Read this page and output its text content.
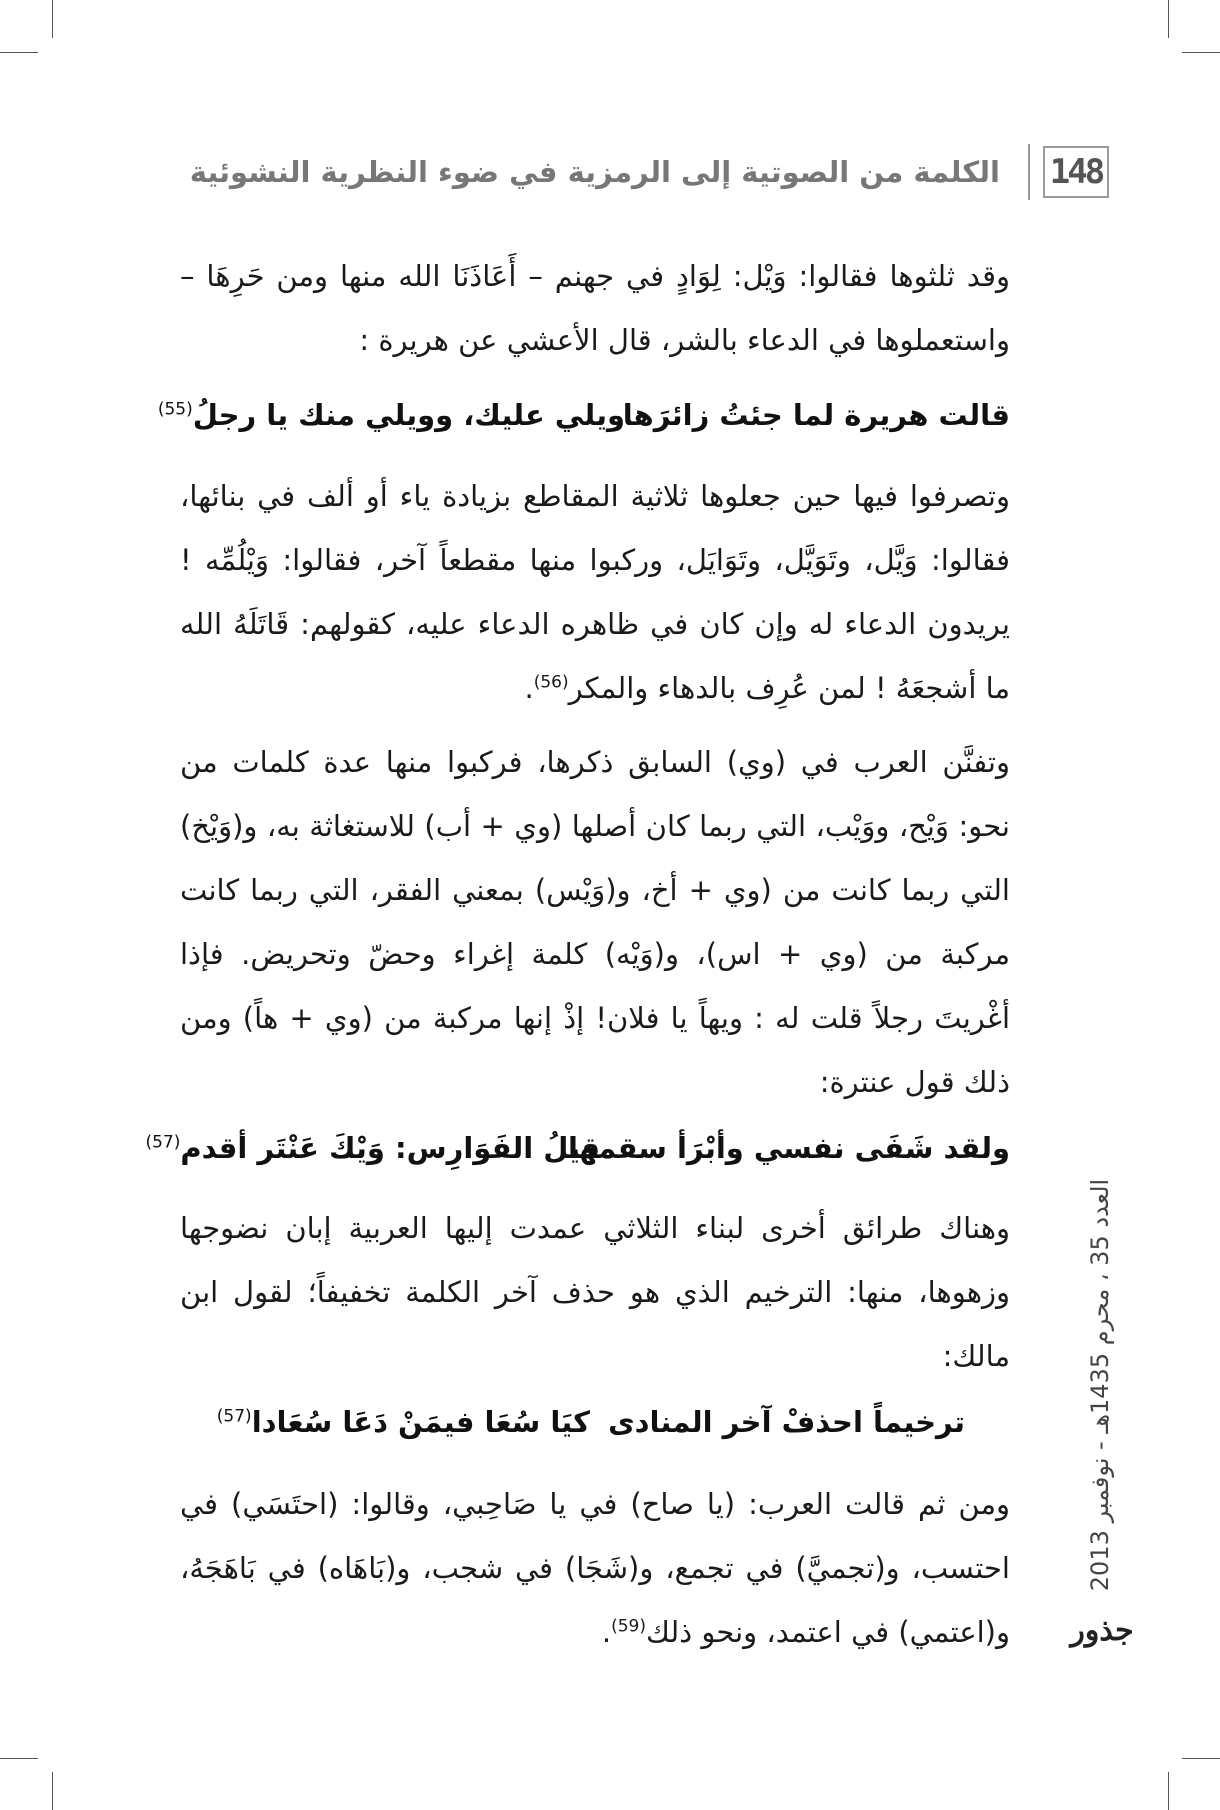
148
الكلمة من الصوتية إلى الرمزية في ضوء النظرية النشوئية
وقد ثلثوها فقالوا: وَيْل: لِوَادٍ في جهنم – أَعَاذَنَا الله منها ومن حَرِهَا – واستعملوها في الدعاء بالشر، قال الأعشي عن هريرة :
قالت هريرة لما جئتُ زائرَها
ويلي عليك، وويلي منك يا رجلُ$^{(55)}$
وتصرفوا فيها حين جعلوها ثلاثية المقاطع بزيادة ياء أو ألف في بنائها، فقالوا: وَيَّل، وتَوَيَّل، وتَوَايَل، وركبوا منها مقطعاً آخر، فقالوا: وَيْلُمِّه ! يريدون الدعاء له وإن كان في ظاهره الدعاء عليه، كقولهم: قَاتَلَهُ الله ما أشجعَهُ ! لمن عُرِف بالدهاء والمكر$^{(56)}$.
وتفنَّن العرب في (وي) السابق ذكرها، فركبوا منها عدة كلمات من نحو: وَيْح، ووَيْب، التي ربما كان أصلها (وي + أب) للاستغاثة به، و(وَيْخ) التي ربما كانت من (وي + أخ، و(وَيْس) بمعني الفقر، التي ربما كانت مركبة من (وي + اس)، و(وَيْه) كلمة إغراء وحضّ وتحريض. فإذا أغْريتَ رجلاً قلت له : ويهاً يا فلان! إذْ إنها مركبة من (وي + هاً) ومن ذلك قول عنترة:
ولقد شَفَى نفسي وأبْرَأ سقمها
قِيلُ الفَوَارِس: وَيْكَ عَنْتَر أقدم$^{(57)}$
وهناك طرائق أخرى لبناء الثلاثي عمدت إليها العربية إبان نضوجها وزهوها، منها: الترخيم الذي هو حذف آخر الكلمة تخفيفاً؛ لقول ابن مالك:
ترخيماً احذفْ آخر المنادى
كيَا سُعَا فيمَنْ دَعَا سُعَادا$^{(57)}$
ومن ثم قالت العرب: (يا صاح) في يا صَاحِبي، وقالوا: (احتَسَي) في احتسب، و(تجميَّ) في تجمع، و(شَجَا) في شجب، و(بَاهَاه) في بَاهَجَهُ، و(اعتمي) في اعتمد، ونحو ذلك$^{(59)}$.
العدد 35 ، محرم 1435هـ - نوفمبر 2013
جذور
